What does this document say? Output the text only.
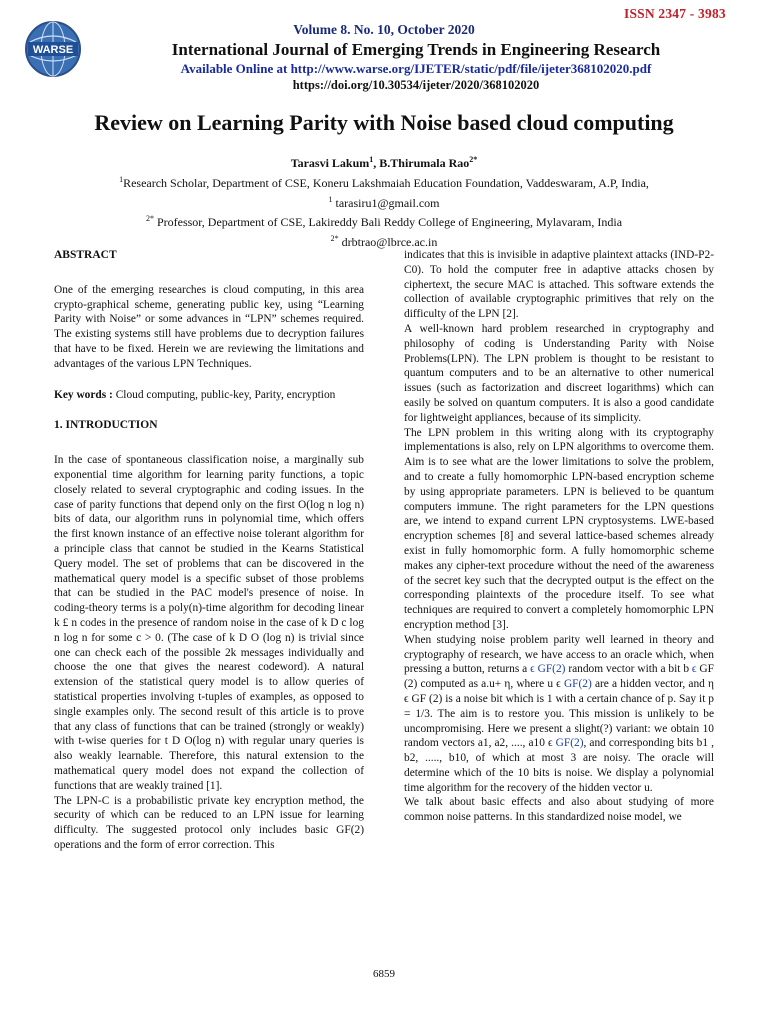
ISSN 2347 - 3983
WARSE
Volume 8. No. 10, October 2020
International Journal of Emerging Trends in Engineering Research
Available Online at http://www.warse.org/IJETER/static/pdf/file/ijeter368102020.pdf
https://doi.org/10.30534/ijeter/2020/368102020
Review on Learning Parity with Noise based cloud computing
Tarasvi Lakum$^1$, B.Thirumala Rao$^{2*}$
$^1$Research Scholar, Department of CSE, Koneru Lakshmaiah Education Foundation, Vaddeswaram, A.P, India,
$^1$ tarasiru1@gmail.com
$^{2*}$ Professor, Department of CSE, Lakireddy Bali Reddy College of Engineering, Mylavaram, India
$^{2*}$ drbtrao@lbrce.ac.in

ABSTRACT

One of the emerging researches is cloud computing, in this area crypto-graphical scheme, generating public key, using “Learning Parity with Noise” or some advances in “LPN” schemes required. The existing systems still have problems due to decryption failures that have to be fixed. Herein we are reviewing the limitations and advantages of the various LPN Techniques.

Key words : Cloud computing, public-key, Parity, encryption

1. INTRODUCTION

In the case of spontaneous classification noise, a marginally sub exponential time algorithm for learning parity functions, a topic closely related to several cryptographic and coding issues. In the case of parity functions that depend only on the first O(log n log n) bits of data, our algorithm runs in polynomial time, which offers the first known instance of an effective noise tolerant algorithm for a principle class that cannot be studied in the Kearns Statistical Query model. The set of problems that can be discovered in the mathematical query model is a specific subset of those problems that can be studied in the PAC model's presence of noise. In coding-theory terms is a poly(n)-time algorithm for decoding linear k £ n codes in the presence of random noise in the case of k D c log n log n for some c > 0. (The case of k D O (log n) is trivial since one can check each of the possible 2k messages individually and choose the one that gives the nearest codeword). A natural extension of the statistical query model is to allow queries of statistical properties involving t-tuples of examples, as opposed to single examples only. The second result of this article is to prove that any class of functions that can be trained (strongly or weakly) with t-wise queries for t D O(log n) with regular unary queries is also weakly learnable. Therefore, this natural extension to the mathematical query model does not expand the collection of functions that are weakly trained [1].

The LPN-C is a probabilistic private key encryption method, the security of which can be reduced to an LPN issue for learning difficulty. The suggested protocol only includes basic GF(2) operations and the form of error correction. This

indicates that this is invisible in adaptive plaintext attacks (IND-P2-C0). To hold the computer free in adaptive attacks chosen by ciphertext, the secure MAC is attached. This software extends the collection of available cryptographic primitives that rely on the difficulty of the LPN [2].

A well-known hard problem researched in cryptography and philosophy of coding is Understanding Parity with Noise Problems(LPN). The LPN problem is thought to be resistant to quantum computers and to be an alternative to other numerical issues (such as factorization and discreet logarithms) which can easily be solved on quantum computers. It is also a good candidate for lightweight appliances, because of its simplicity.

The LPN problem in this writing along with its cryptography implementations is also, rely on LPN algorithms to overcome them. Aim is to see what are the lower limitations to solve the problem, and to create a fully homomorphic LPN-based encryption scheme by using appropriate parameters. LPN is believed to be quantum computers immune. The right parameters for the LPN questions are, we intend to expand current LPN cryptosystems. LWE-based encryption schemes [8] and several lattice-based schemes already exist in fully homomorphic form. A fully homomorphic scheme makes any cipher-text procedure without the need of the awareness of the secret key such that the decrypted output is the effect on the corresponding plaintexts of the procedure itself. To see what techniques are required to convert a completely homomorphic LPN encryption method [3].

When studying noise problem parity well learned in theory and cryptography of research, we have access to an oracle which, when pressing a button, returns a ϵ GF(2) random vector with a bit b ϵ GF (2) computed as a.u+ η, where u ϵ GF(2) are a hidden vector, and η ϵ GF (2) is a noise bit which is 1 with a certain chance of p. Say it p = 1/3. The aim is to restore you. This mission is unlikely to be uncompromising. Here we present a slight(?) variant: we obtain 10 random vectors a1, a2, ...., a10 ϵ GF(2), and corresponding bits b1 , b2, ....., b10, of which at most 3 are noisy. The oracle will determine which of the 10 bits is noise. We display a polynomial time algorithm for the recovery of the hidden vector u.

We talk about basic effects and also about studying of more common noise patterns. In this standardized noise model, we

6859
